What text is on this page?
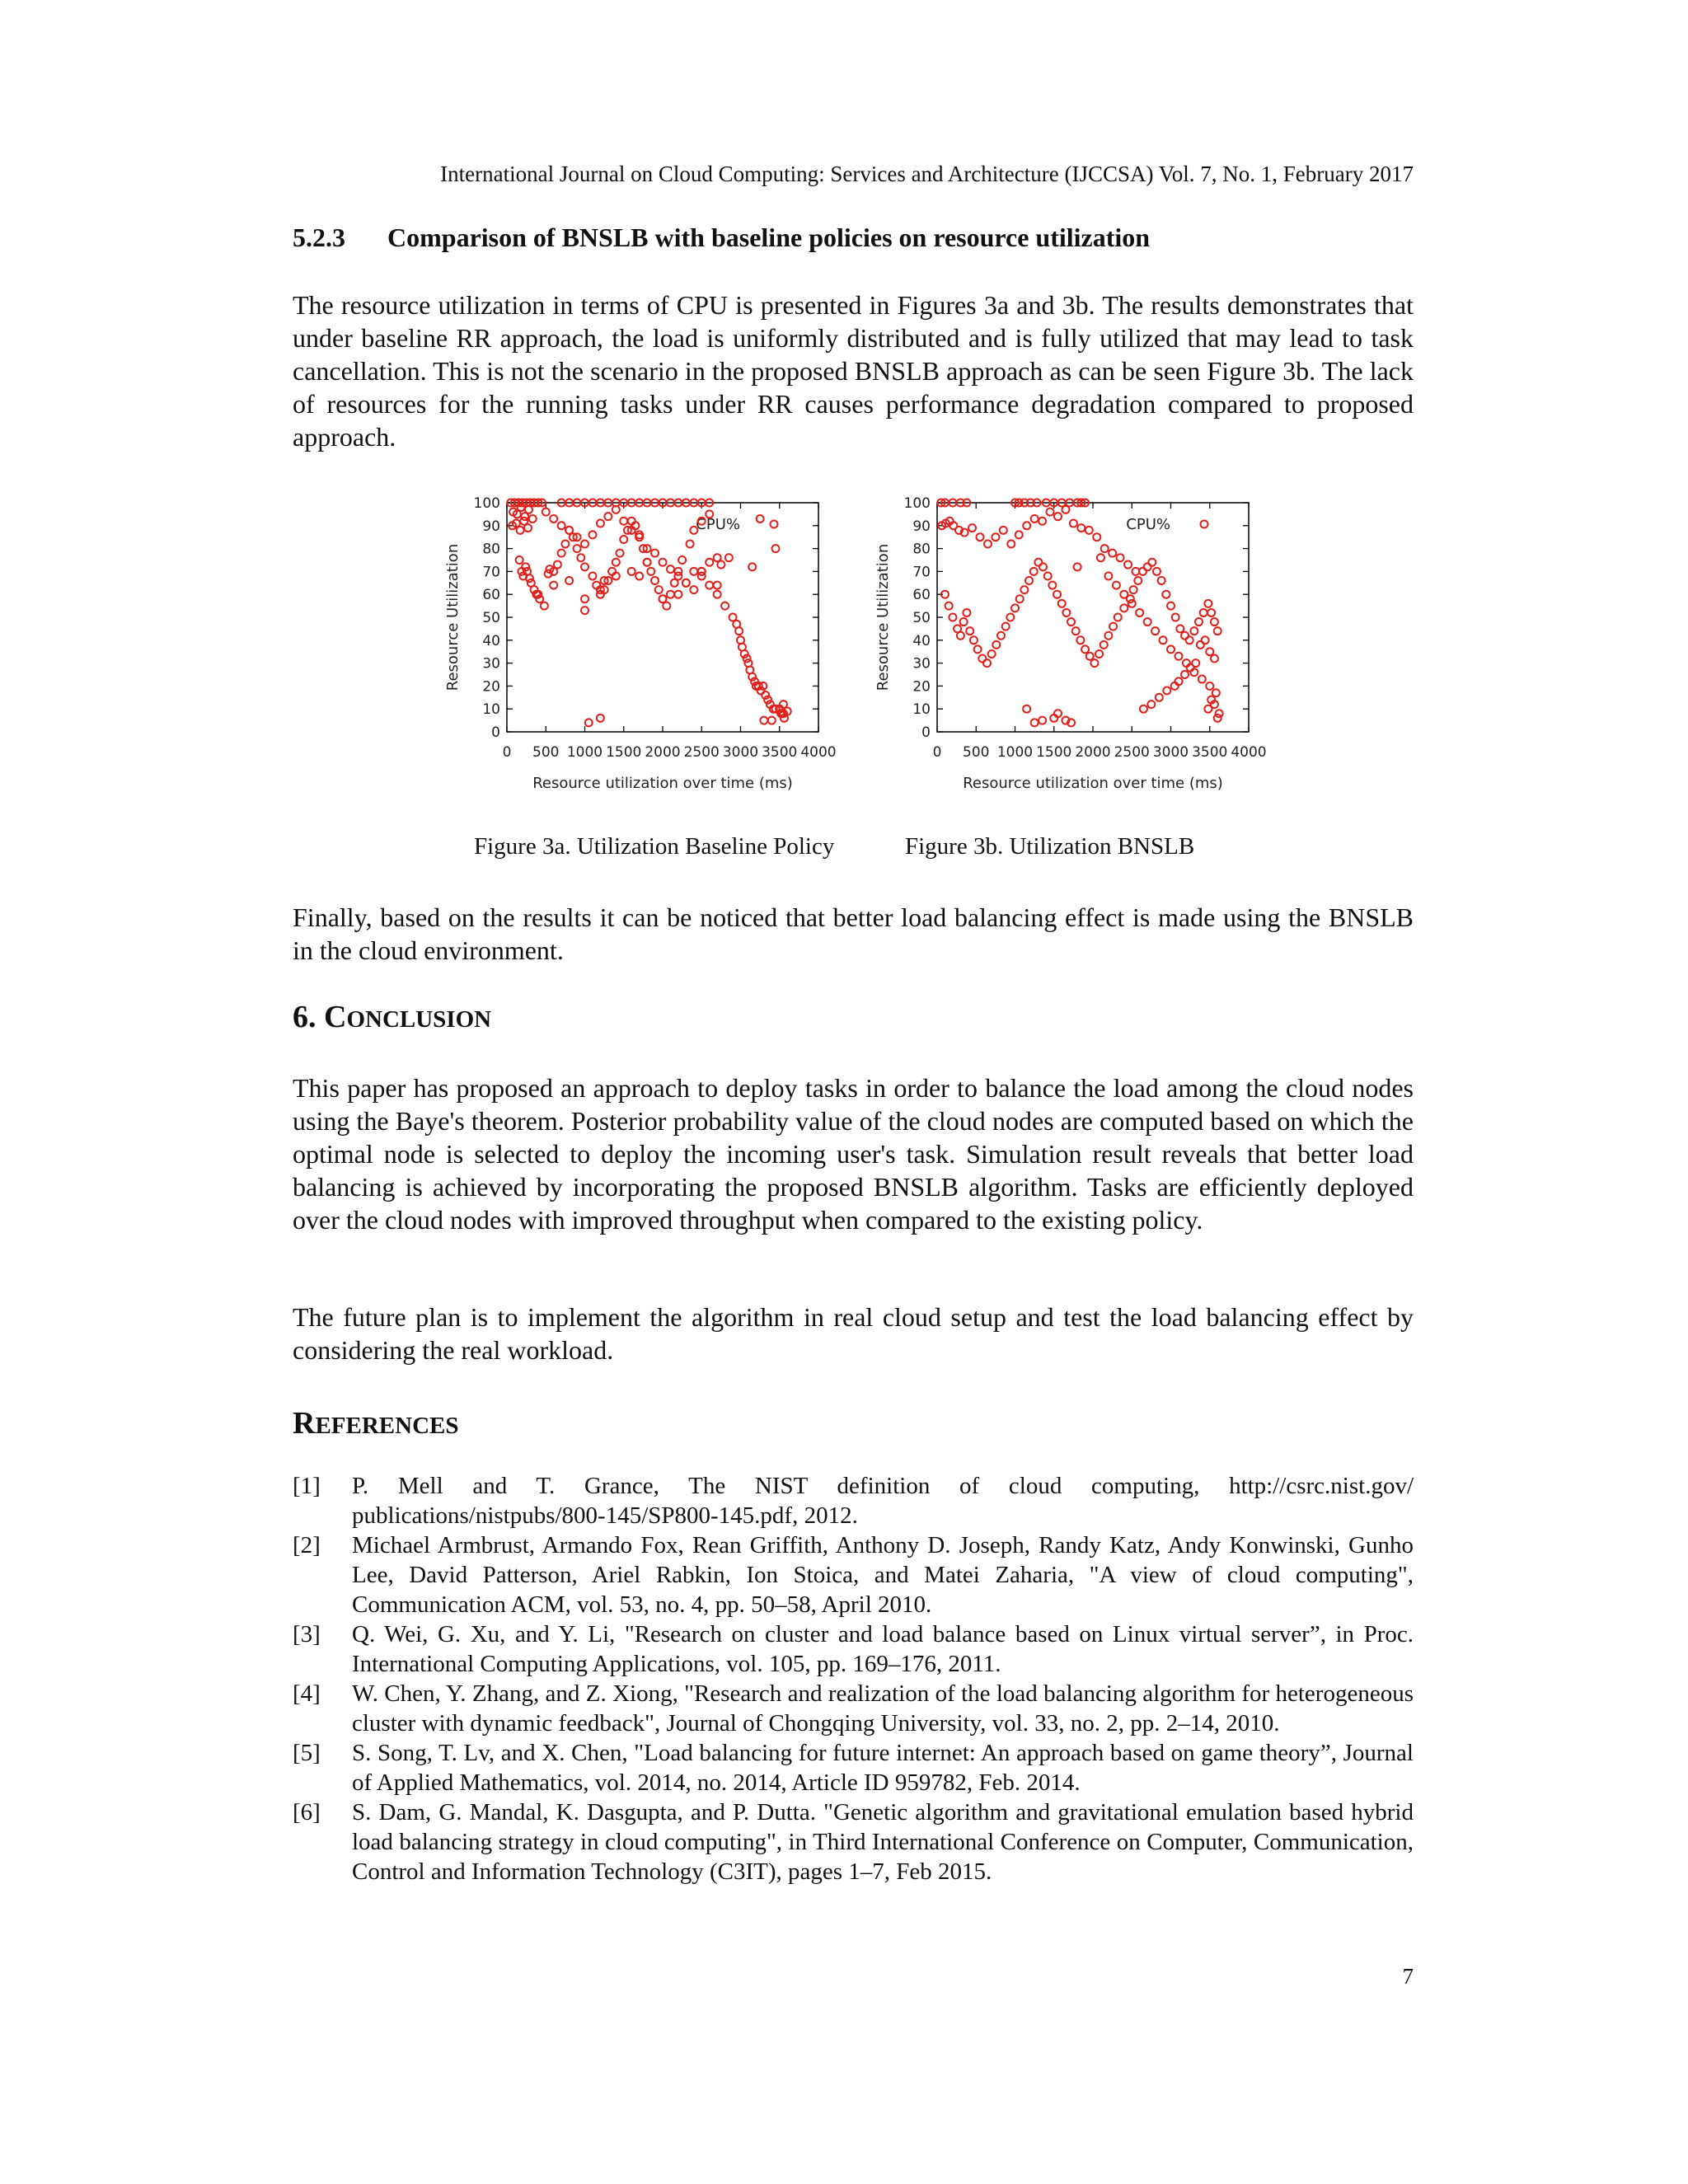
International Journal on Cloud Computing: Services and Architecture (IJCCSA) Vol. 7, No. 1, February 2017
5.2.3 Comparison of BNSLB with baseline policies on resource utilization
The resource utilization in terms of CPU is presented in Figures 3a and 3b. The results demonstrates that under baseline RR approach, the load is uniformly distributed and is fully utilized that may lead to task cancellation. This is not the scenario in the proposed BNSLB approach as can be seen Figure 3b. The lack of resources for the running tasks under RR causes performance degradation compared to proposed approach.
Finally, based on the results it can be noticed that better load balancing effect is made using the BNSLB in the cloud environment.
6. CONCLUSION
This paper has proposed an approach to deploy tasks in order to balance the load among the cloud nodes using the Baye's theorem. Posterior probability value of the cloud nodes are computed based on which the optimal node is selected to deploy the incoming user's task. Simulation result reveals that better load balancing is achieved by incorporating the proposed BNSLB algorithm. Tasks are efficiently deployed over the cloud nodes with improved throughput when compared to the existing policy.
The future plan is to implement the algorithm in real cloud setup and test the load balancing effect by considering the real workload.
REFERENCES
[1]	P. Mell and T. Grance, The NIST definition of cloud computing, http://csrc.nist.gov/ publications/nistpubs/800-145/SP800-145.pdf, 2012.
[2]	Michael Armbrust, Armando Fox, Rean Griffith, Anthony D. Joseph, Randy Katz, Andy Konwinski, Gunho Lee, David Patterson, Ariel Rabkin, Ion Stoica, and Matei Zaharia, "A view of cloud computing", Communication ACM, vol. 53, no. 4, pp. 50–58, April 2010.
[3]	Q. Wei, G. Xu, and Y. Li, "Research on cluster and load balance based on Linux virtual server”, in Proc. International Computing Applications, vol. 105, pp. 169–176, 2011.
[4]	W. Chen, Y. Zhang, and Z. Xiong, "Research and realization of the load balancing algorithm for heterogeneous cluster with dynamic feedback", Journal of Chongqing University, vol. 33, no. 2, pp. 2–14, 2010.
[5]	S. Song, T. Lv, and X. Chen, "Load balancing for future internet: An approach based on game theory”, Journal of Applied Mathematics, vol. 2014, no. 2014, Article ID 959782, Feb. 2014.
[6]	S. Dam, G. Mandal, K. Dasgupta, and P. Dutta. "Genetic algorithm and gravitational emulation based hybrid load balancing strategy in cloud computing", in Third International Conference on Computer, Communication, Control and Information Technology (C3IT), pages 1–7, Feb 2015.
7
0
10
20
30
40
50
60
70
80
90
100
0 500 1000 1500 2000 2500 3000 3500 4000
Resource utilization over time (ms)
Resource Utilization
CPU%
0
10
20
30
40
50
60
70
80
90
100
0 500 1000 1500 2000 2500 3000 3500 4000
Resource utilization over time (ms)
Resource Utilization
CPU%
Figure 3a. Utilization Baseline Policy	Figure 3b. Utilization BNSLB
